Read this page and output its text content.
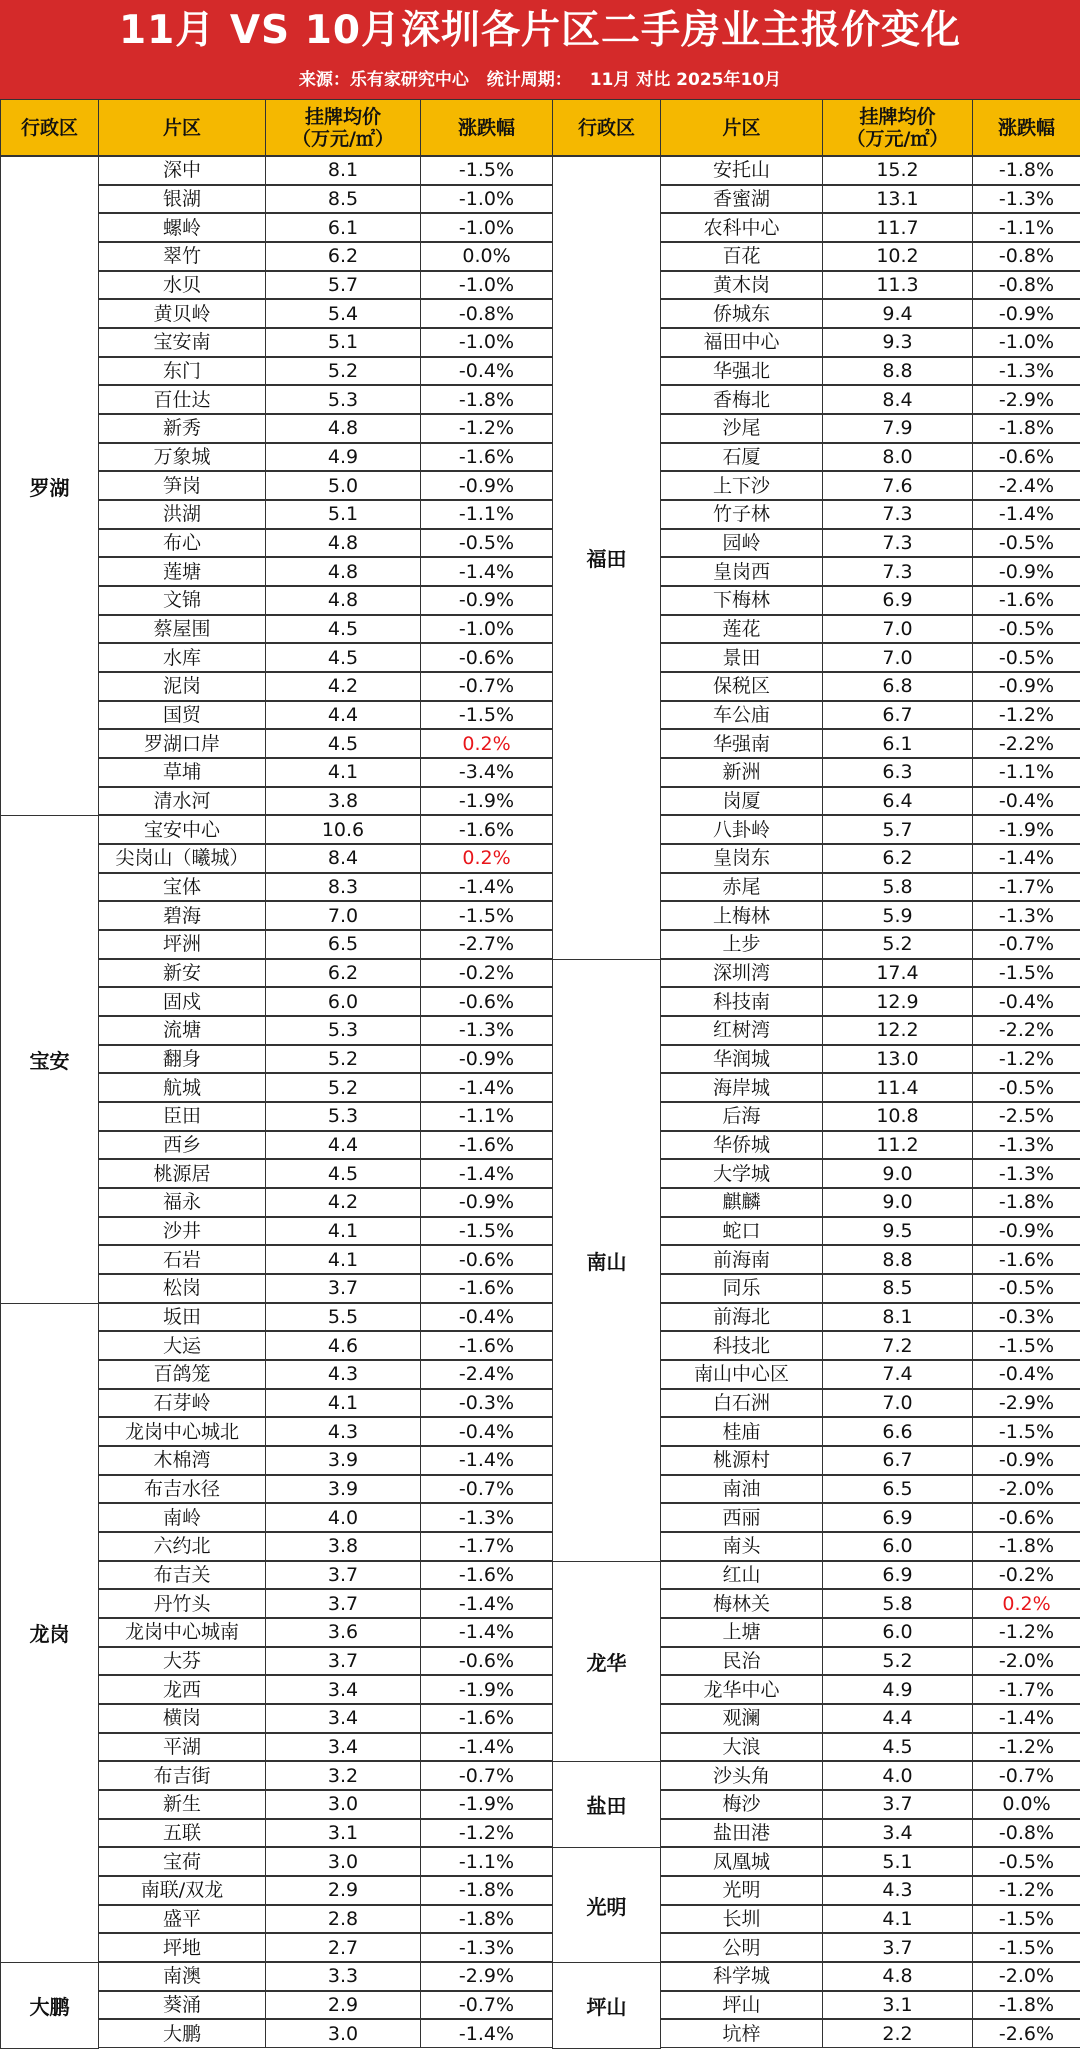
11月 VS 10月深圳各片区二手房业主报价变化
来源：乐有家研究中心 统计周期： 11月 对比 2025年10月
行政区	片区	挂牌均价
（万元/㎡）	涨跌幅
罗湖
深中	8.1	-1.5%
银湖	8.5	-1.0%
螺岭	6.1	-1.0%
翠竹	6.2	0.0%
水贝	5.7	-1.0%
黄贝岭	5.4	-0.8%
宝安南	5.1	-1.0%
东门	5.2	-0.4%
百仕达	5.3	-1.8%
新秀	4.8	-1.2%
万象城	4.9	-1.6%
笋岗	5.0	-0.9%
洪湖	5.1	-1.1%
布心	4.8	-0.5%
莲塘	4.8	-1.4%
文锦	4.8	-0.9%
蔡屋围	4.5	-1.0%
水库	4.5	-0.6%
泥岗	4.2	-0.7%
国贸	4.4	-1.5%
罗湖口岸	4.5	0.2%
草埔	4.1	-3.4%
清水河	3.8	-1.9%
宝安
宝安中心	10.6	-1.6%
尖岗山（曦城）	8.4	0.2%
宝体	8.3	-1.4%
碧海	7.0	-1.5%
坪洲	6.5	-2.7%
新安	6.2	-0.2%
固戍	6.0	-0.6%
流塘	5.3	-1.3%
翻身	5.2	-0.9%
航城	5.2	-1.4%
臣田	5.3	-1.1%
西乡	4.4	-1.6%
桃源居	4.5	-1.4%
福永	4.2	-0.9%
沙井	4.1	-1.5%
石岩	4.1	-0.6%
松岗	3.7	-1.6%
龙岗
坂田	5.5	-0.4%
大运	4.6	-1.6%
百鸽笼	4.3	-2.4%
石芽岭	4.1	-0.3%
龙岗中心城北	4.3	-0.4%
木棉湾	3.9	-1.4%
布吉水径	3.9	-0.7%
南岭	4.0	-1.3%
六约北	3.8	-1.7%
布吉关	3.7	-1.6%
丹竹头	3.7	-1.4%
龙岗中心城南	3.6	-1.4%
大芬	3.7	-0.6%
龙西	3.4	-1.9%
横岗	3.4	-1.6%
平湖	3.4	-1.4%
布吉街	3.2	-0.7%
新生	3.0	-1.9%
五联	3.1	-1.2%
宝荷	3.0	-1.1%
南联/双龙	2.9	-1.8%
盛平	2.8	-1.8%
坪地	2.7	-1.3%
大鹏
南澳	3.3	-2.9%
葵涌	2.9	-0.7%
大鹏	3.0	-1.4%
行政区	片区	挂牌均价
（万元/㎡）	涨跌幅
福田
安托山	15.2	-1.8%
香蜜湖	13.1	-1.3%
农科中心	11.7	-1.1%
百花	10.2	-0.8%
黄木岗	11.3	-0.8%
侨城东	9.4	-0.9%
福田中心	9.3	-1.0%
华强北	8.8	-1.3%
香梅北	8.4	-2.9%
沙尾	7.9	-1.8%
石厦	8.0	-0.6%
上下沙	7.6	-2.4%
竹子林	7.3	-1.4%
园岭	7.3	-0.5%
皇岗西	7.3	-0.9%
下梅林	6.9	-1.6%
莲花	7.0	-0.5%
景田	7.0	-0.5%
保税区	6.8	-0.9%
车公庙	6.7	-1.2%
华强南	6.1	-2.2%
新洲	6.3	-1.1%
岗厦	6.4	-0.4%
八卦岭	5.7	-1.9%
皇岗东	6.2	-1.4%
赤尾	5.8	-1.7%
上梅林	5.9	-1.3%
上步	5.2	-0.7%
南山
深圳湾	17.4	-1.5%
科技南	12.9	-0.4%
红树湾	12.2	-2.2%
华润城	13.0	-1.2%
海岸城	11.4	-0.5%
后海	10.8	-2.5%
华侨城	11.2	-1.3%
大学城	9.0	-1.3%
麒麟	9.0	-1.8%
蛇口	9.5	-0.9%
前海南	8.8	-1.6%
同乐	8.5	-0.5%
前海北	8.1	-0.3%
科技北	7.2	-1.5%
南山中心区	7.4	-0.4%
白石洲	7.0	-2.9%
桂庙	6.6	-1.5%
桃源村	6.7	-0.9%
南油	6.5	-2.0%
西丽	6.9	-0.6%
南头	6.0	-1.8%
龙华
红山	6.9	-0.2%
梅林关	5.8	0.2%
上塘	6.0	-1.2%
民治	5.2	-2.0%
龙华中心	4.9	-1.7%
观澜	4.4	-1.4%
大浪	4.5	-1.2%
盐田
沙头角	4.0	-0.7%
梅沙	3.7	0.0%
盐田港	3.4	-0.8%
光明
凤凰城	5.1	-0.5%
光明	4.3	-1.2%
长圳	4.1	-1.5%
公明	3.7	-1.5%
坪山
科学城	4.8	-2.0%
坪山	3.1	-1.8%
坑梓	2.2	-2.6%
